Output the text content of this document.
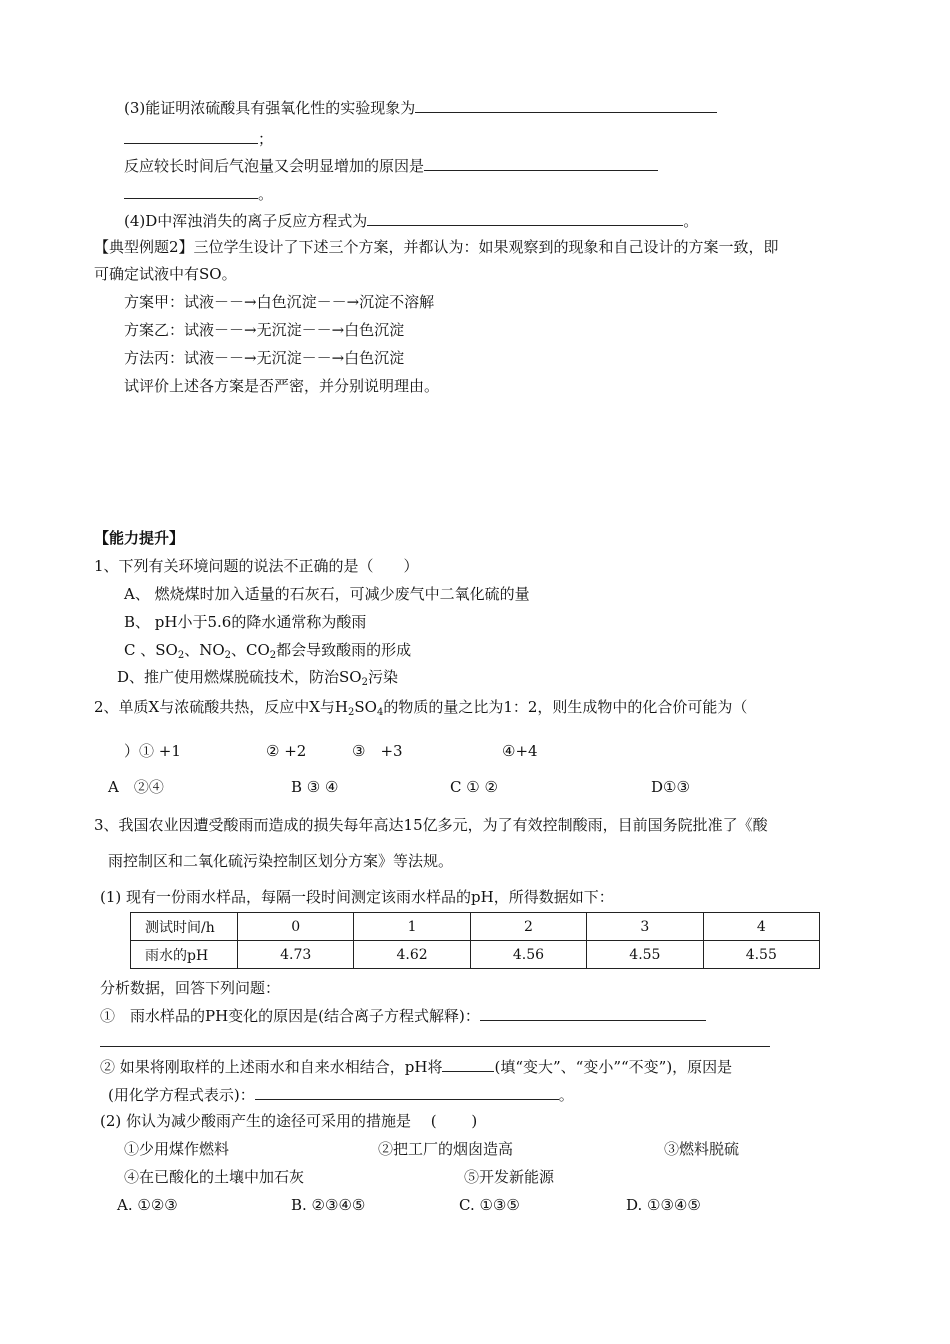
(3)能证明浓硫酸具有强氧化性的实验现象为
；
反应较长时间后气泡量又会明显增加的原因是
。
(4)D中浑浊消失的离子反应方程式为	。
【典型例题2】三位学生设计了下述三个方案，并都认为：如果观察到的现象和自己设计的方案一致，即
可确定试液中有SO。
方案甲：试液－－→白色沉淀－－→沉淀不溶解
方案乙：试液－－→无沉淀－－→白色沉淀
方法丙：试液－－→无沉淀－－→白色沉淀
试评价上述各方案是否严密，并分别说明理由。
【能力提升】
1、下列有关环境问题的说法不正确的是（　　）
A、 燃烧煤时加入适量的石灰石，可减少废气中二氧化硫的量
B、 pH小于5.6的降水通常称为酸雨
C 、$SO_2$、$NO_2$、$CO_2$都会导致酸雨的形成
D、推广使用燃煤脱硫技术，防治$SO_2$污染
2、单质X与浓硫酸共热，反应中X与$H_2SO_4$的物质的量之比为1：2，则生成物中的化合价可能为（
）① +1	② +2	③　+3	④+4
A　②④	B ③ ④	C ① ②	D①③
3、我国农业因遭受酸雨而造成的损失每年高达15亿多元，为了有效控制酸雨，目前国务院批准了《酸
雨控制区和二氧化硫污染控制区划分方案》等法规。
(1) 现有一份雨水样品，每隔一段时间测定该雨水样品的pH，所得数据如下：
测试时间/h	0	1	2	3	4
雨水的pH	4.73	4.62	4.56	4.55	4.55
分析数据，回答下列问题：
①　雨水样品的PH变化的原因是(结合离子方程式解释)：
② 如果将刚取样的上述雨水和自来水相结合，pH将	(填“变大”、“变小”“不变”)，原因是
(用化学方程式表示)：	。
(2) 你认为减少酸雨产生的途径可采用的措施是　 (　　 )
①少用煤作燃料	②把工厂的烟囱造高	③燃料脱硫
④在已酸化的土壤中加石灰	⑤开发新能源
A. ①②③	B. ②③④⑤	C. ①③⑤	D. ①③④⑤
